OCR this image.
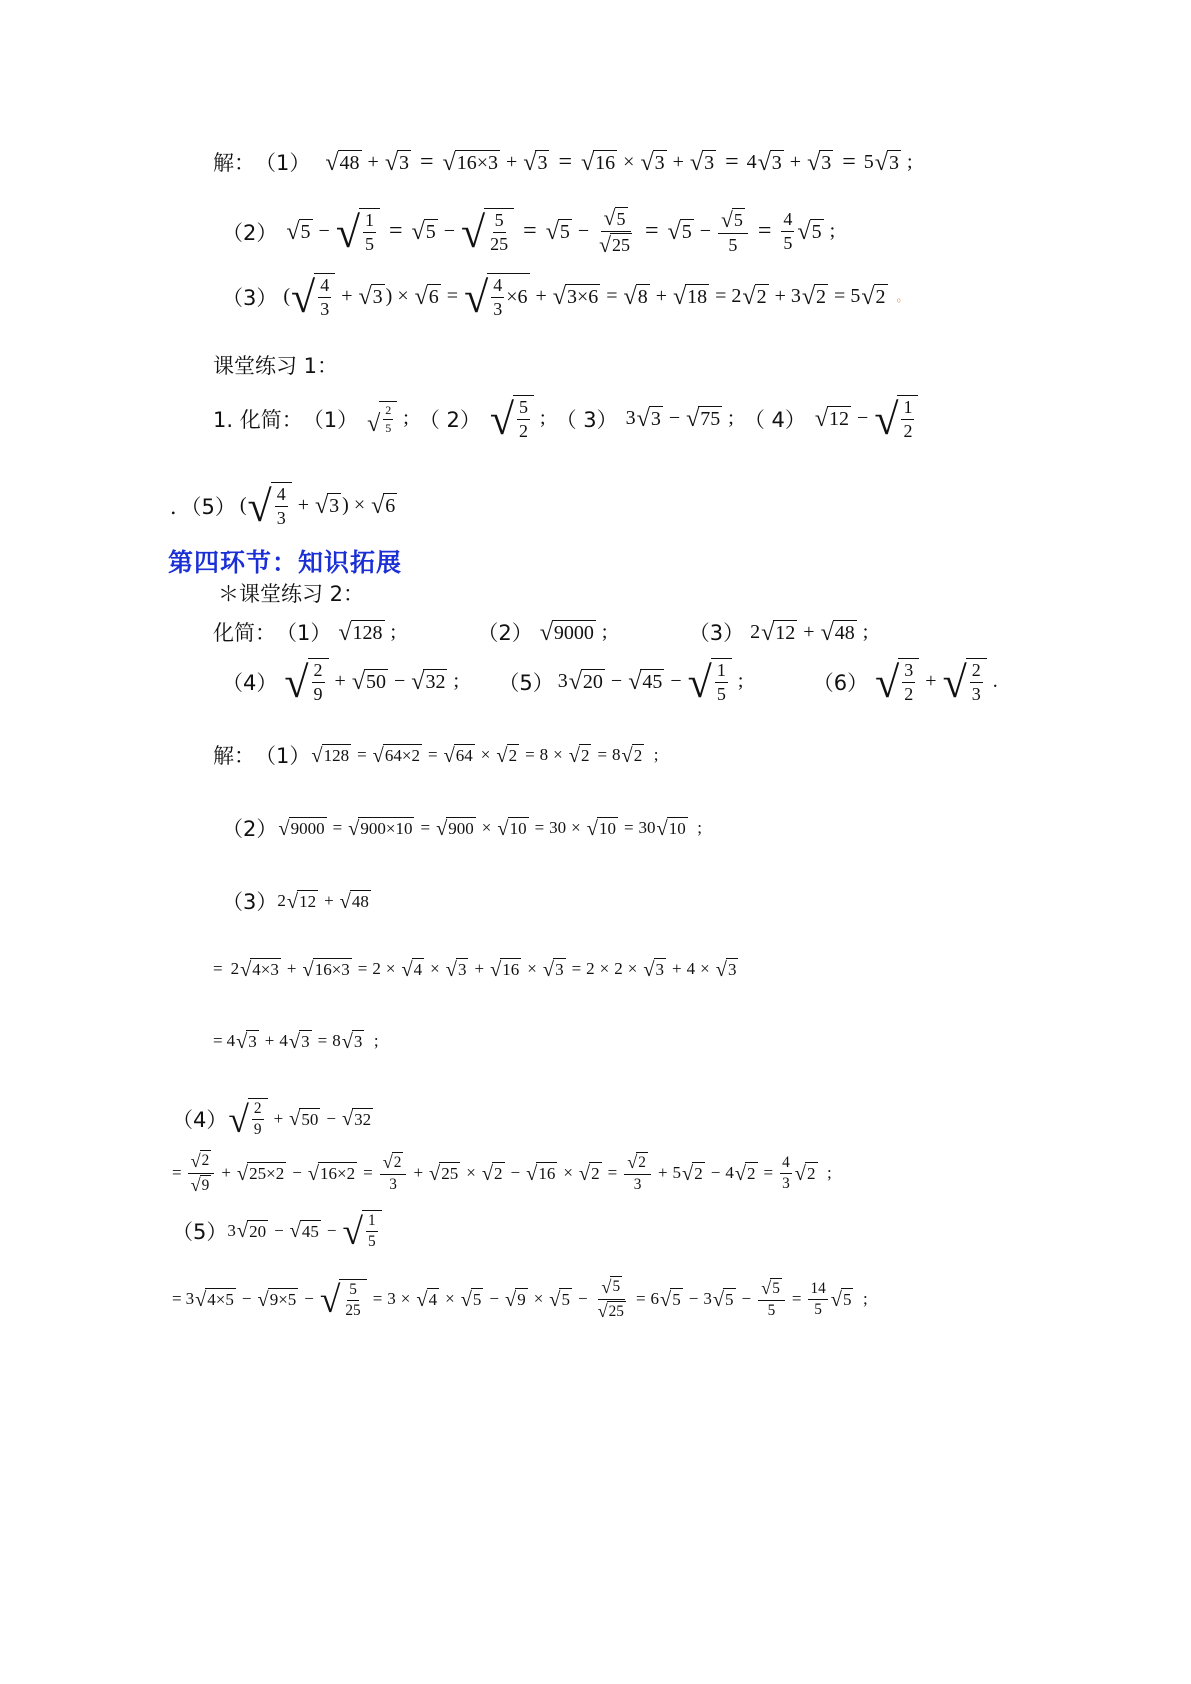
解： （1） √ 48 + √ 3 = √ 16×3 + √ 3 = √ 16 × √ 3 + √ 3 = 4 √ 3 + √ 3 = 5 √ 3 ;
（2） √ 5 − √ 1
5 = √ 5 − √ 5
25 = √ $5 - \frac{√ 5}{√ 25}$ = √ $5 - \frac{√ 5}{5} = \frac{4}{5}$ √ 5 ;
（3） ( √ 4
3
+ √ 3 ) × √ 6 = √ 4
3
×6 + √ 3×6 = √ 8 + √ 18 = 2 √ 2 + 3 √ 2 = 5 √ 2 。
课堂练习 1：
1. 化简： （1） √
2
5 ; （ 2） √ 5
2
; （ 3） 3 √ 3 − √ 75 ; （ 4） √ 12 − √ 1
2
．（5） ( √ 4
3
+ √ 3 ) × √ 6
第四环节：知识拓展
＊课堂练习 2：
化简： （1） √ 128 ;	（2） √ 9000 ;	（3） 2 √ 12 + √ 48 ;
（4） √ 2
9
+ √ 50 − √ 32 ;	（5） 3 √ 20 − √ 45 − √ 1
5
;	（6） √ 3
2
+ √ 2
3
.
解： （1） √ 128 = √ 64×2 = √ 64 × √ 2 = 8 × √ 2 = 8 √ 2 ;
（2） √ 9000 = √ 900×10 = √ 900 × √ 10 = 30 × √ 10 = 30 √ 10 ;
（3） 2 √ 12 + √ 48
= 2 √ 4×3 + √ 16×3 = 2 × √ 4 × √ 3 + √ 16 × √ 3 = 2 × 2 × √ 3 + 4 × √ 3
= 4 √ 3 + 4 √ 3 = 8 √ 3 ;
（4） √ 2
9
+ √ 50 − √ 32
=
√ 2
√ 9
+ √ 25×2 − √ $16\times 2 = \frac{√ 2}{3}$ + √ 25 × √ 2 − √ 16 × √ $2 = \frac{√ 2}{3} + 5$ √ 2 − 4 √ $2 = \frac{4}{3}$ √ 2 ;
（5） 3 √ 20 − √ 45 − √ 1
5
= 3 √ 4×5 − √ 9×5 − √ 5
25
= 3 × √ 4 × √ 5 − √ 9 × √ $5 - \frac{√ 5}{√ 25} = 6$ √ 5 − 3 √ $5 - \frac{√ 5}{5} = \frac{14}{5}$ √ 5 ;
